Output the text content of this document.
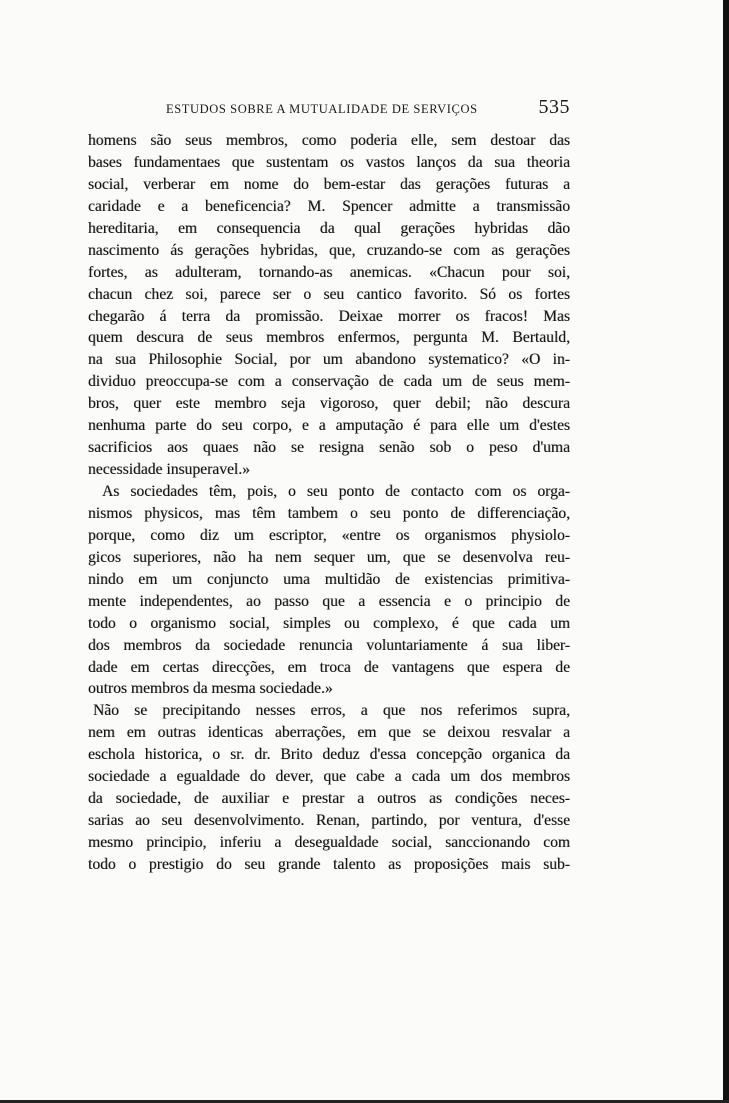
ESTUDOS SOBRE A MUTUALIDADE DE SERVIÇOS	535
homens são seus membros, como poderia elle, sem destoar das
bases fundamentaes que sustentam os vastos lanços da sua theoria
social, verberar em nome do bem-estar das gerações futuras a
caridade e a beneficencia? M. Spencer admitte a transmissão
hereditaria, em consequencia da qual gerações hybridas dão
nascimento ás gerações hybridas, que, cruzando-se com as gerações
fortes, as adulteram, tornando-as anemicas. «Chacun pour soi,
chacun chez soi, parece ser o seu cantico favorito. Só os fortes
chegarão á terra da promissão. Deixae morrer os fracos! Mas
quem descura de seus membros enfermos, pergunta M. Bertauld,
na sua Philosophie Social, por um abandono systematico? «O in-
dividuo preoccupa-se com a conservação de cada um de seus mem-
bros, quer este membro seja vigoroso, quer debil; não descura
nenhuma parte do seu corpo, e a amputação é para elle um d'estes
sacrificios aos quaes não se resigna senão sob o peso d'uma
necessidade insuperavel.»
As sociedades têm, pois, o seu ponto de contacto com os orga-
nismos physicos, mas têm tambem o seu ponto de differenciação,
porque, como diz um escriptor, «entre os organismos physiolo-
gicos superiores, não ha nem sequer um, que se desenvolva reu-
nindo em um conjuncto uma multidão de existencias primitiva-
mente independentes, ao passo que a essencia e o principio de
todo o organismo social, simples ou complexo, é que cada um
dos membros da sociedade renuncia voluntariamente á sua liber-
dade em certas direcções, em troca de vantagens que espera de
outros membros da mesma sociedade.»
Não se precipitando nesses erros, a que nos referimos supra,
nem em outras identicas aberrações, em que se deixou resvalar a
eschola historica, o sr. dr. Brito deduz d'essa concepção organica da
sociedade a egualdade do dever, que cabe a cada um dos membros
da sociedade, de auxiliar e prestar a outros as condições neces-
sarias ao seu desenvolvimento. Renan, partindo, por ventura, d'esse
mesmo principio, inferiu a desegualdade social, sanccionando com
todo o prestigio do seu grande talento as proposições mais sub-
